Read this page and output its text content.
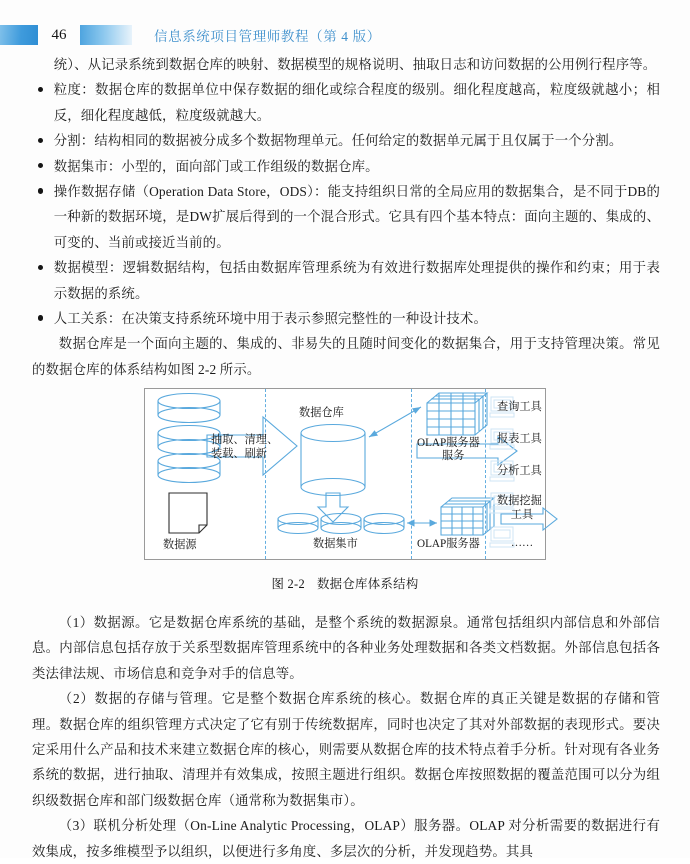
46	信息系统项目管理师教程（第 4 版）

统）、从记录系统到数据仓库的映射、数据模型的规格说明、抽取日志和访问数据的公用例行程序等。

粒度：数据仓库的数据单位中保存数据的细化或综合程度的级别。细化程度越高，粒度级就越小；相反，细化程度越低，粒度级就越大。
分割：结构相同的数据被分成多个数据物理单元。任何给定的数据单元属于且仅属于一个分割。
数据集市：小型的，面向部门或工作组级的数据仓库。
操作数据存储（Operation Data Store，ODS）：能支持组织日常的全局应用的数据集合，是不同于DB的一种新的数据环境，是DW扩展后得到的一个混合形式。它具有四个基本特点：面向主题的、集成的、可变的、当前或接近当前的。
数据模型：逻辑数据结构，包括由数据库管理系统为有效进行数据库处理提供的操作和约束；用于表示数据的系统。
人工关系：在决策支持系统环境中用于表示参照完整性的一种设计技术。

数据仓库是一个面向主题的、集成的、非易失的且随时间变化的数据集合，用于支持管理决策。常见的数据仓库的体系结构如图 2-2 所示。

数据源
抽取、清理、
装载、刷新
数据仓库
数据集市
OLAP服务器
OLAP服务器
服务
查询工具
报表工具
分析工具
数据挖掘
工具
……
图 2-2 数据仓库体系结构

（1）数据源。它是数据仓库系统的基础，是整个系统的数据源泉。通常包括组织内部信息和外部信息。内部信息包括存放于关系型数据库管理系统中的各种业务处理数据和各类文档数据。外部信息包括各类法律法规、市场信息和竞争对手的信息等。

（2）数据的存储与管理。它是整个数据仓库系统的核心。数据仓库的真正关键是数据的存储和管理。数据仓库的组织管理方式决定了它有别于传统数据库，同时也决定了其对外部数据的表现形式。要决定采用什么产品和技术来建立数据仓库的核心，则需要从数据仓库的技术特点着手分析。针对现有各业务系统的数据，进行抽取、清理并有效集成，按照主题进行组织。数据仓库按照数据的覆盖范围可以分为组织级数据仓库和部门级数据仓库（通常称为数据集市）。

（3）联机分析处理（On-Line Analytic Processing，OLAP）服务器。OLAP 对分析需要的数据进行有效集成，按多维模型予以组织，以便进行多角度、多层次的分析，并发现趋势。其具
